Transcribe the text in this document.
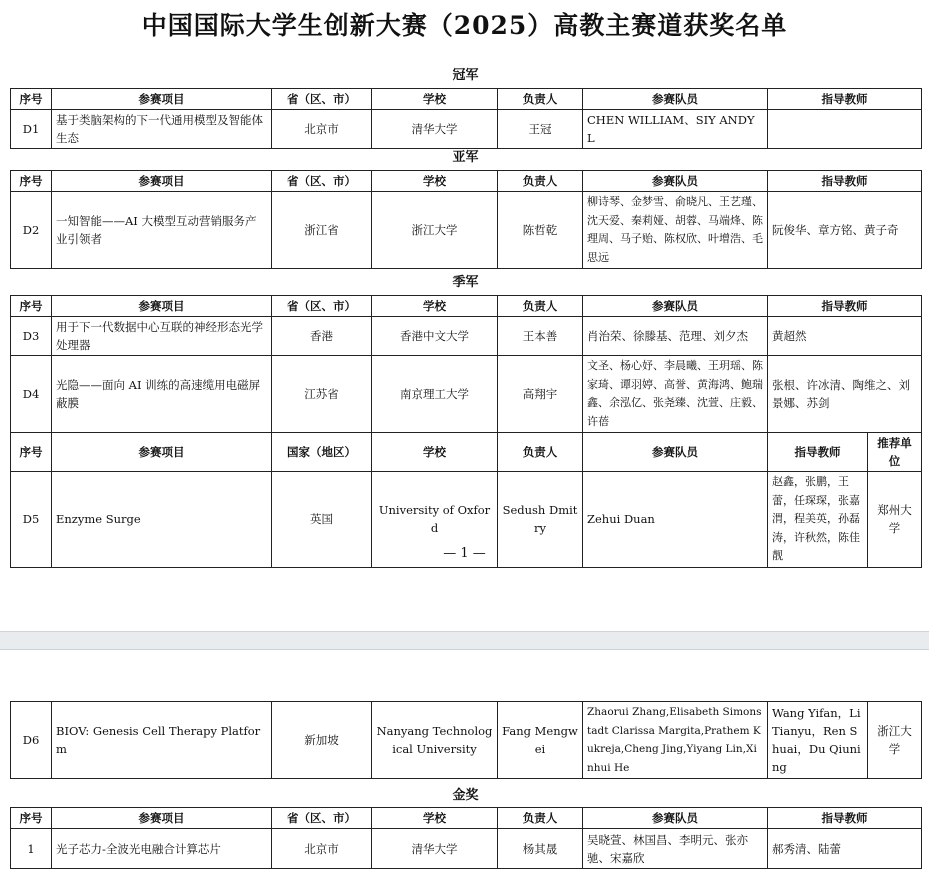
中国国际大学生创新大赛（2025）高教主赛道获奖名单
冠军
序号	参赛项目	省（区、市）	学校	负责人	参赛队员	指导教师
D1	基于类脑架构的下一代通用模型及智能体生态	北京市	清华大学	王冠	CHEN WILLIAM、SIY ANDY L	
亚军
序号	参赛项目	省（区、市）	学校	负责人	参赛队员	指导教师
D2	一知智能——AI 大模型互动营销服务产业引领者	浙江省	浙江大学	陈哲乾	柳诗琴、金梦雪、俞晓凡、王艺瑾、沈天爱、秦莉娅、胡蓉、马端烽、陈理周、马子贻、陈权欣、叶增浩、毛思远	阮俊华、章方铭、黄子奇
季军
序号	参赛项目	省（区、市）	学校	负责人	参赛队员	指导教师	
D3	用于下一代数据中心互联的神经形态光学处理器	香港	香港中文大学	王本善	肖治荣、徐滕基、范理、刘夕杰	黄超然	
D4	光隐——面向 AI 训练的高速缆用电磁屏蔽膜	江苏省	南京理工大学	高翔宇	文圣、杨心妤、李晨曦、王玥瑶、陈家琦、谭羽婷、高誉、黄海鸿、鲍瑞鑫、余泓亿、张尧臻、沈萱、庄毅、许蓓	张根、许冰清、陶维之、刘景娜、苏剑	
序号	参赛项目	国家（地区）	学校	负责人	参赛队员	指导教师	推荐单位
D5	Enzyme Surge	英国	University of Oxford	Sedush Dmitry	Zehui Duan	赵鑫，张鹏，王蕾，任琛琛，张嘉渭，程美英，孙磊涛，许秋然，陈佳靓	郑州大学
— 1 —
D6	BIOV: Genesis Cell Therapy Platform	新加坡	Nanyang Technological University	Fang Mengwei	Zhaorui Zhang,Elisabeth Simonstadt Clarissa Margita,Prathem Kukreja,Cheng Jing,Yiyang Lin,Xinhui He	Wang Yifan，Li Tianyu，Ren Shuai，Du Qiuning	浙江大学
金奖
序号	参赛项目	省（区、市）	学校	负责人	参赛队员	指导教师
1	光子芯力-全波光电融合计算芯片	北京市	清华大学	杨其晟	吴晓萱、林国昌、李明元、张亦驰、宋嘉欣	郝秀清、陆蕾
